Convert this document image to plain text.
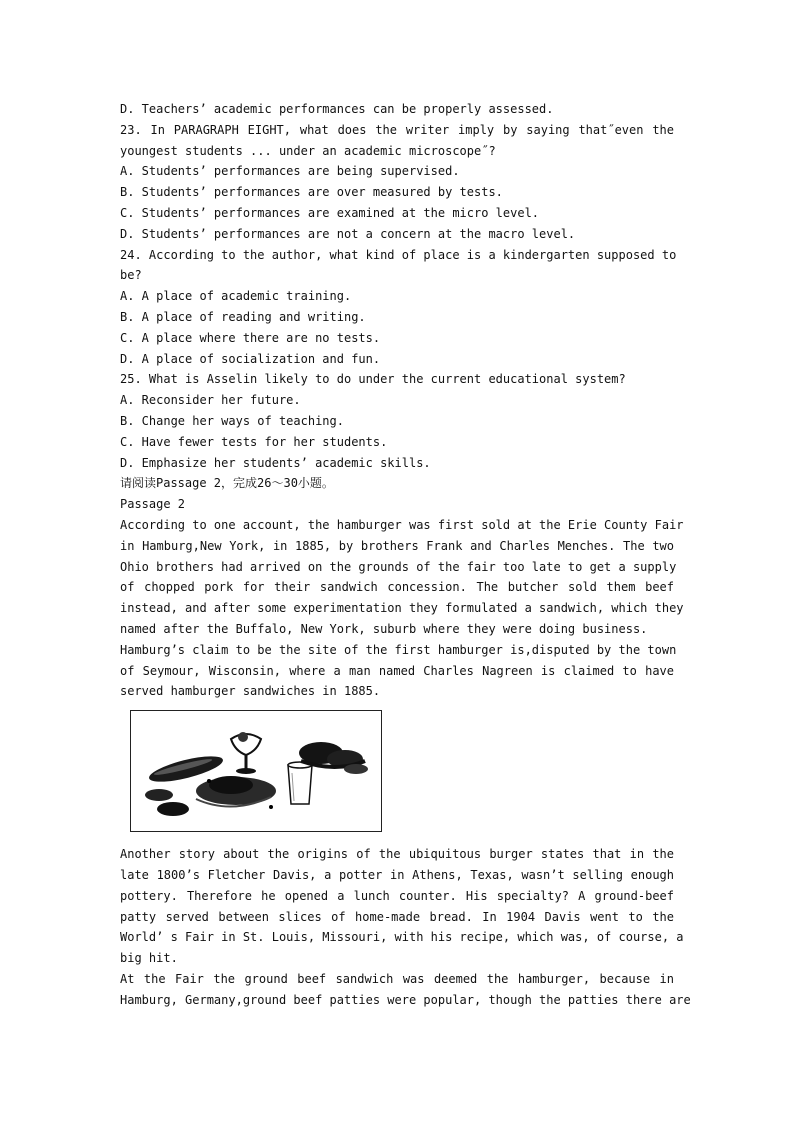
D. Teachers’ academic performances can be properly assessed.
23. In PARAGRAPH EIGHT, what does the writer imply by saying that˝even the
youngest students ... under an academic microscope˝?
A. Students’ performances are being supervised.
B. Students’ performances are over measured by tests.
C. Students’ performances are examined at the micro level.
D. Students’ performances are not a concern at the macro level.
24. According to the author, what kind of place is a kindergarten supposed to
be?
A. A place of academic training.
B. A place of reading and writing.
C. A place where there are no tests.
D. A place of socialization and fun.
25. What is Asselin likely to do under the current educational system?
A. Reconsider her future.
B. Change her ways of teaching.
C. Have fewer tests for her students.
D. Emphasize her students’ academic skills.
请阅读Passage 2，完成26～30小题。
Passage 2
According to one account, the hamburger was first sold at the Erie County Fair
in Hamburg,New York, in 1885, by brothers Frank and Charles Menches. The two
Ohio brothers had arrived on the grounds of the fair too late to get a supply
of chopped pork for their sandwich concession. The butcher sold them beef
instead, and after some experimentation they formulated a sandwich, which they
named after the Buffalo, New York, suburb where they were doing business.
Hamburg’s claim to be the site of the first hamburger is,disputed by the town
of Seymour, Wisconsin, where a man named Charles Nagreen is claimed to have
served hamburger sandwiches in 1885.
Another story about the origins of the ubiquitous burger states that in the
late 1800’s Fletcher Davis, a potter in Athens, Texas, wasn’t selling enough
pottery. Therefore he opened a lunch counter. His specialty? A ground-beef
patty served between slices of home-made bread. In 1904 Davis went to the
World’ s Fair in St. Louis, Missouri, with his recipe, which was, of course, a
big hit.
At the Fair the ground beef sandwich was deemed the hamburger, because in
Hamburg, Germany,ground beef patties were popular, though the patties there are
